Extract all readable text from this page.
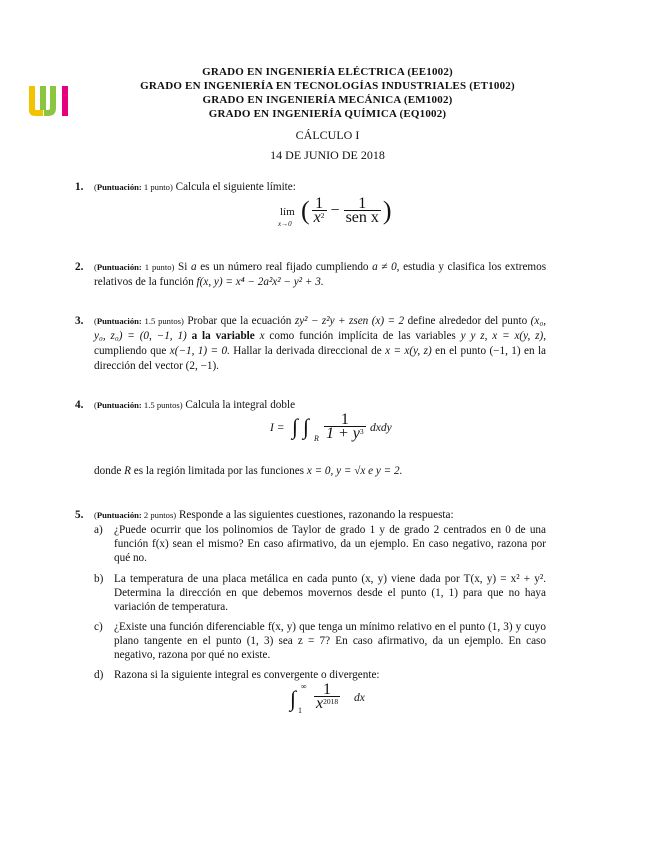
GRADO EN INGENIERÍA ELÉCTRICA (EE1002)
GRADO EN INGENIERÍA EN TECNOLOGÍAS INDUSTRIALES (ET1002)
GRADO EN INGENIERÍA MECÁNICA (EM1002)
GRADO EN INGENIERÍA QUÍMICA (EQ1002)
CÁLCULO I
14 DE JUNIO DE 2018
1. (Puntuación: 1 punto) Calcula el siguiente límite:
lím
x→0 ( $\frac{1}{x^2} - \frac{1}{\text{sen x}}$ )
2. (Puntuación: 1 punto) Si a es un número real fijado cumpliendo a ≠ 0, estudia y clasifica los extremos relativos de la función f(x, y) = x⁴ − 2a²x² − y² + 3.
3. (Puntuación: 1.5 puntos) Probar que la ecuación zy² − z²y + zsen (x) = 2 define alrededor del punto (x₀, y₀, z₀) = (0, −1, 1) a la variable x como función implícita de las variables y y z, x = x(y, z), cumpliendo que x(−1, 1) = 0. Hallar la derivada direccional de x = x(y, z) en el punto (−1, 1) en la dirección del vector (2, −1).
4. (Puntuación: 1.5 puntos) Calcula la integral doble
I = ∫ ∫ R $\frac{1}{1 + y^3}$ dxdy
donde R es la región limitada por las funciones x = 0, y = √x e y = 2.
5. (Puntuación: 2 puntos) Responde a las siguientes cuestiones, razonando la respuesta:
a) ¿Puede ocurrir que los polinomios de Taylor de grado 1 y de grado 2 centrados en 0 de una función f(x) sean el mismo? En caso afirmativo, da un ejemplo. En caso negativo, razona por qué no.
b) La temperatura de una placa metálica en cada punto (x, y) viene dada por T(x, y) = x² + y². Determina la dirección en que debemos movernos desde el punto (1, 1) para que no haya variación de temperatura.
c) ¿Existe una función diferenciable f(x, y) que tenga un mínimo relativo en el punto (1, 3) y cuyo plano tangente en el punto (1, 3) sea z = 7? En caso afirmativo, da un ejemplo. En caso negativo, razona por qué no existe.
d) Razona si la siguiente integral es convergente o divergente:
∫ ∞
1
$\frac{1}{x^{2018}}$ dx
